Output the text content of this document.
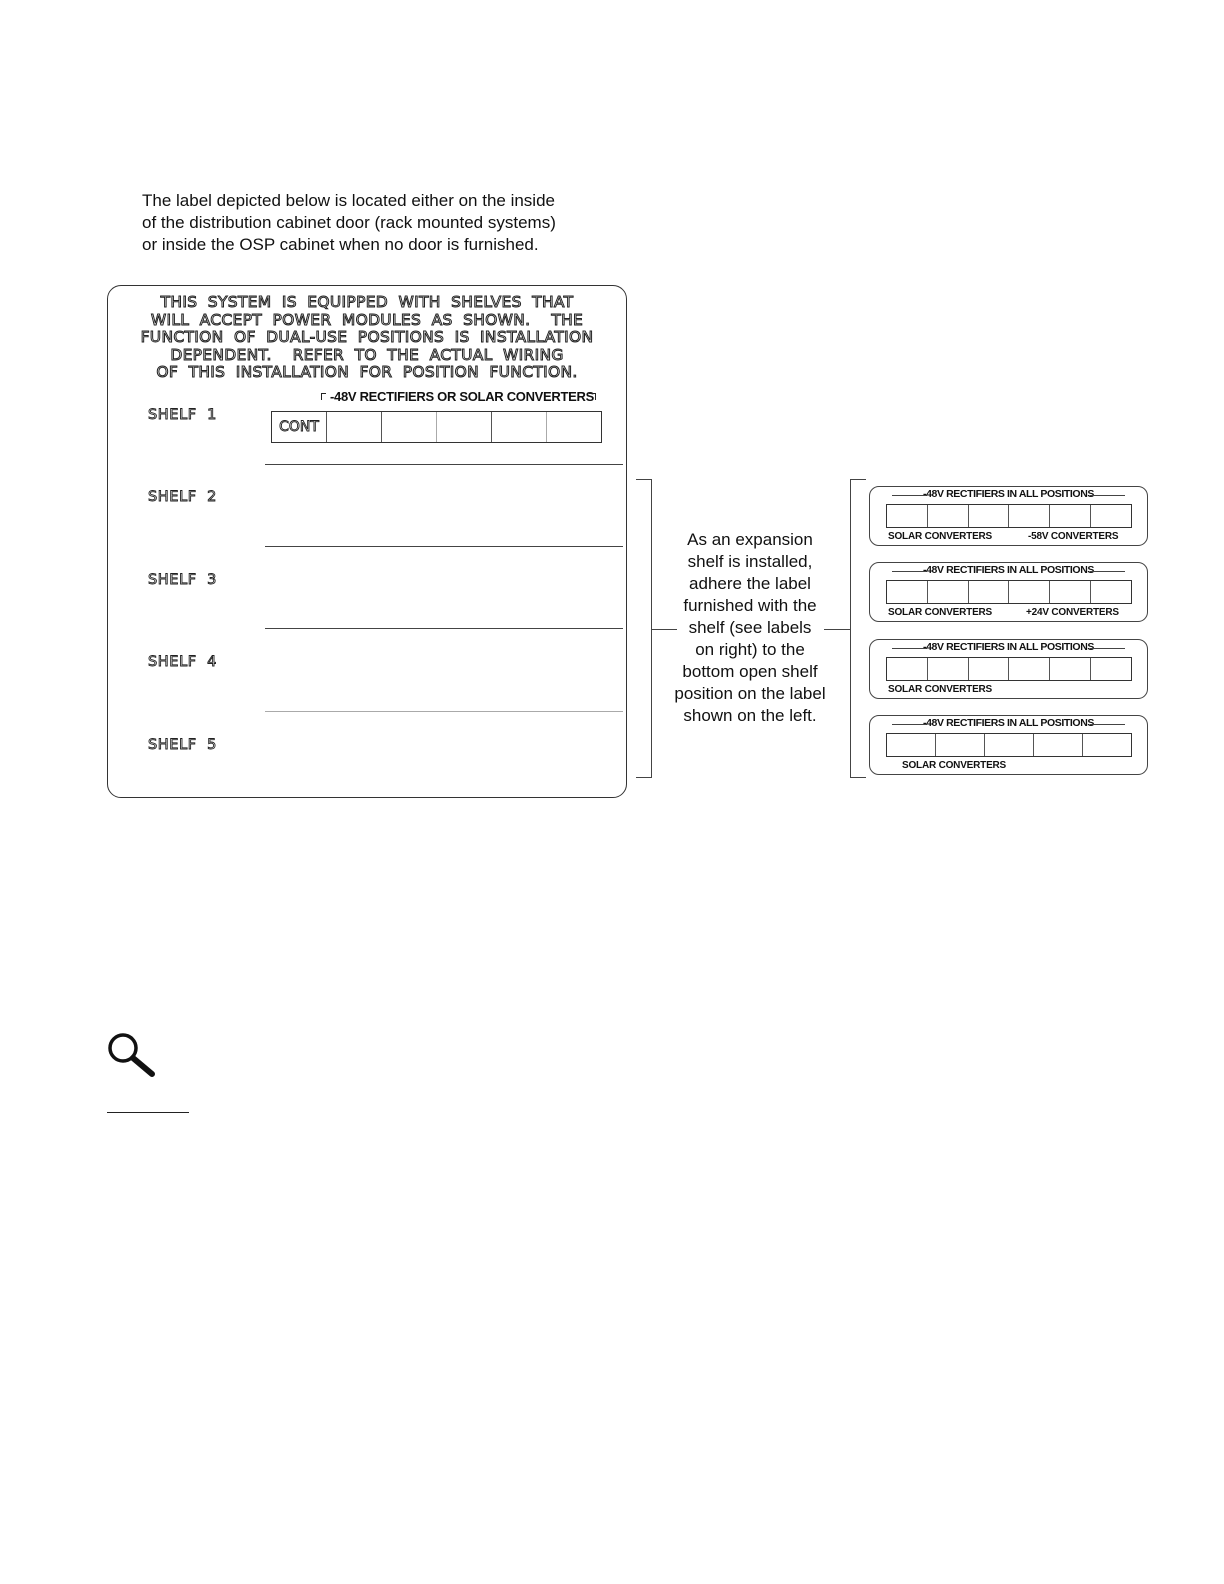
The label depicted below is located either on the inside
of the distribution cabinet door (rack mounted systems)
or inside the OSP cabinet when no door is furnished.
THIS  SYSTEM  IS  EQUIPPED  WITH  SHELVES  THAT
WILL  ACCEPT  POWER  MODULES  AS  SHOWN.    THE
FUNCTION  OF  DUAL-USE  POSITIONS  IS  INSTALLATION
DEPENDENT.    REFER  TO  THE  ACTUAL  WIRING
OF  THIS  INSTALLATION  FOR  POSITION  FUNCTION.
SHELF  1
-48V RECTIFIERS OR SOLAR CONVERTERS
CONT
SHELF  2
SHELF  3
SHELF  4
SHELF  5
As an expansion
shelf is installed,
adhere the label
furnished with the
shelf (see labels
on right) to the
bottom open shelf
position on the label
shown on the left.
-48V RECTIFIERS IN ALL POSITIONS
SOLAR CONVERTERS	-58V CONVERTERS
-48V RECTIFIERS IN ALL POSITIONS
SOLAR CONVERTERS	+24V CONVERTERS
-48V RECTIFIERS IN ALL POSITIONS
SOLAR CONVERTERS
-48V RECTIFIERS IN ALL POSITIONS
SOLAR CONVERTERS
